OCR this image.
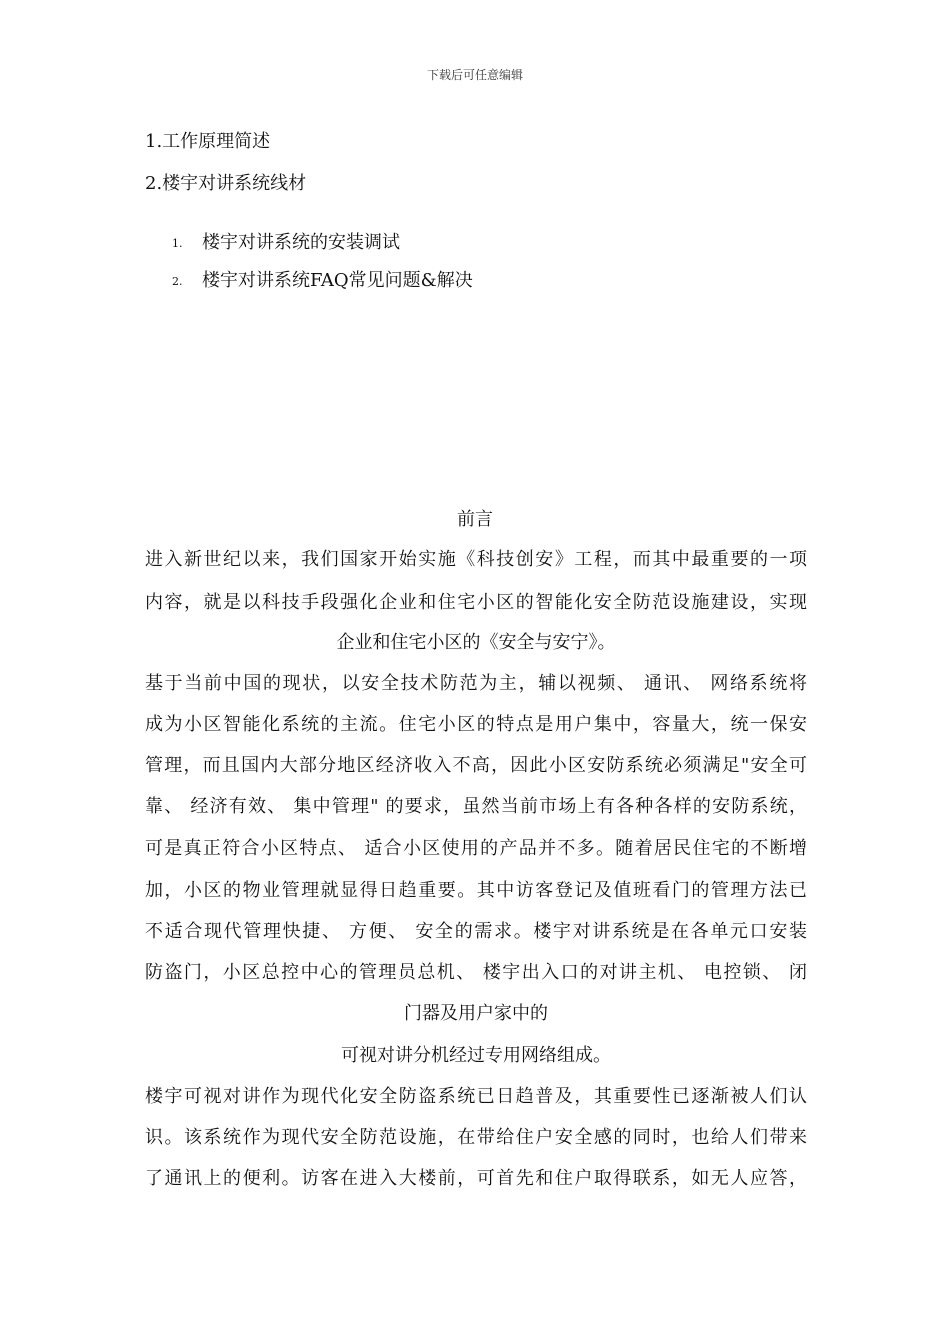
下载后可任意编辑
1.工作原理简述
2.楼宇对讲系统线材
1. 楼宇对讲系统的安装调试
2. 楼宇对讲系统FAQ常见问题&解决
前言
进入新世纪以来，我们国家开始实施《科技创安》工程，而其中最重要的一项
内容，就是以科技手段强化企业和住宅小区的智能化安全防范设施建设，实现
企业和住宅小区的《安全与安宁》。
基于当前中国的现状，以安全技术防范为主，辅以视频、 通讯、 网络系统将
成为小区智能化系统的主流。住宅小区的特点是用户集中，容量大，统一保安
管理，而且国内大部分地区经济收入不高，因此小区安防系统必须满足"安全可
靠、 经济有效、 集中管理" 的要求，虽然当前市场上有各种各样的安防系统，
可是真正符合小区特点、 适合小区使用的产品并不多。随着居民住宅的不断增
加，小区的物业管理就显得日趋重要。其中访客登记及值班看门的管理方法已
不适合现代管理快捷、 方便、 安全的需求。楼宇对讲系统是在各单元口安装
防盗门，小区总控中心的管理员总机、 楼宇出入口的对讲主机、 电控锁、 闭
门器及用户家中的
可视对讲分机经过专用网络组成。
楼宇可视对讲作为现代化安全防盗系统已日趋普及，其重要性已逐渐被人们认
识。该系统作为现代安全防范设施，在带给住户安全感的同时，也给人们带来
了通讯上的便利。访客在进入大楼前，可首先和住户取得联系，如无人应答，
